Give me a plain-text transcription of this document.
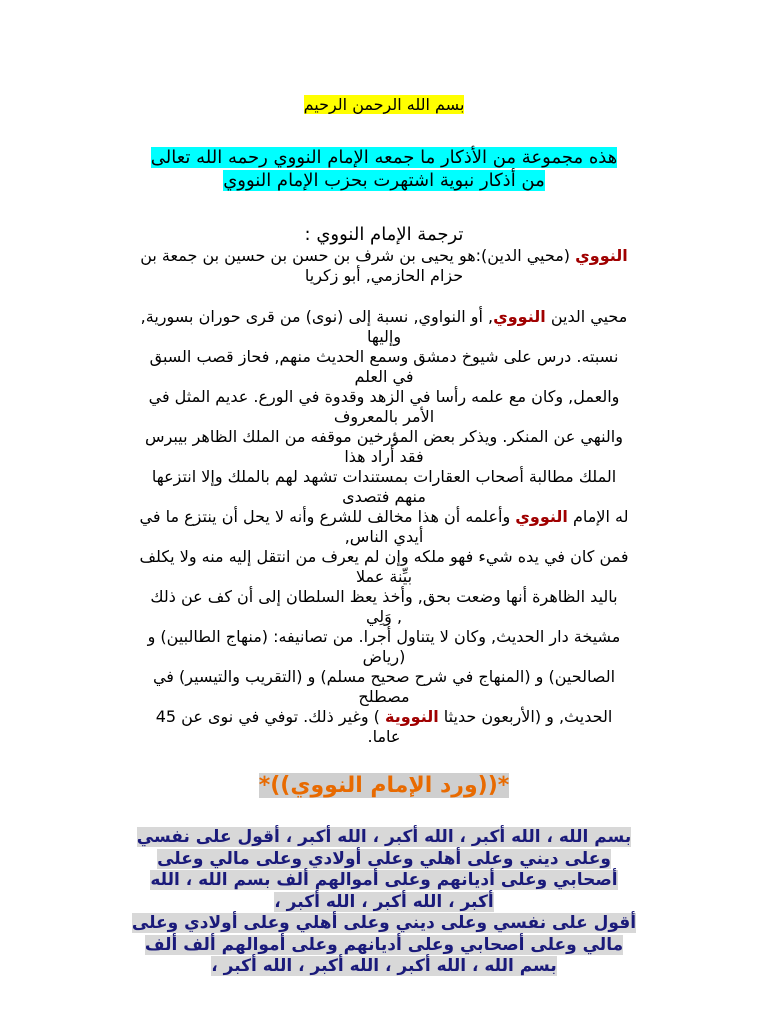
بسم الله الرحمن الرحيم

هذه مجموعة من الأذكار ما جمعه الإمام النووي رحمه الله تعالى
من أذكار نبوية اشتهرت بحزب الإمام النووي
ترجمة الإمام النووي :
النووي (محيي الدين):هو يحيى بن شرف بن حسن بن حسين بن جمعة بن
حزام الحازمي, أبو زكريا
محيي الدين النووي, أو النواوي, نسبة إلى (نوى) من قرى حوران بسورية,
وإليها
نسبته. درس على شيوخ دمشق وسمع الحديث منهم, فحاز قصب السبق
في العلم
والعمل, وكان مع علمه رأسا في الزهد وقدوة في الورع. عديم المثل في
الأمر بالمعروف
والنهي عن المنكر. ويذكر بعض المؤرخين موقفه من الملك الظاهر بيبرس
فقد أراد هذا
الملك مطالبة أصحاب العقارات بمستندات تشهد لهم بالملك وإلا انتزعها
منهم فتصدى
له الإمام النووي وأعلمه أن هذا مخالف للشرع وأنه لا يحل أن ينتزع ما في
أيدي الناس,
فمن كان في يده شيء فهو ملكه وإن لم يعرف من انتقل إليه منه ولا يكلف
بيِّنة عملا
باليد الظاهرة أنها وضعت بحق, وأخذ يعظ السلطان إلى أن كف عن ذلك
, وَلِي
مشيخة دار الحديث, وكان لا يتناول أجرا. من تصانيفه: (منهاج الطالبين) و
(رياض
الصالحين) و (المنهاج في شرح صحيح مسلم) و (التقريب والتيسير) في
مصطلح
الحديث, و (الأربعون حديثا النووية ) وغير ذلك. توفي في نوى عن 45
عاما.
*((ورد الإمام النووي))*
بسم الله ، الله أكبر ، الله أكبر ، الله أكبر ، أقول على نفسي
وعلى ديني وعلى أهلي وعلى أولادي وعلى مالي وعلى
أصحابي وعلى أديانهم وعلى أموالهم ألف بسم الله ، الله
أكبر ، الله أكبر ، الله أكبر ،
أقول على نفسي وعلى ديني وعلى أهلي وعلى أولادي وعلى
مالي وعلى أصحابي وعلى أديانهم وعلى أموالهم ألف ألف
بسم الله ، الله أكبر ، الله أكبر ، الله أكبر ،
